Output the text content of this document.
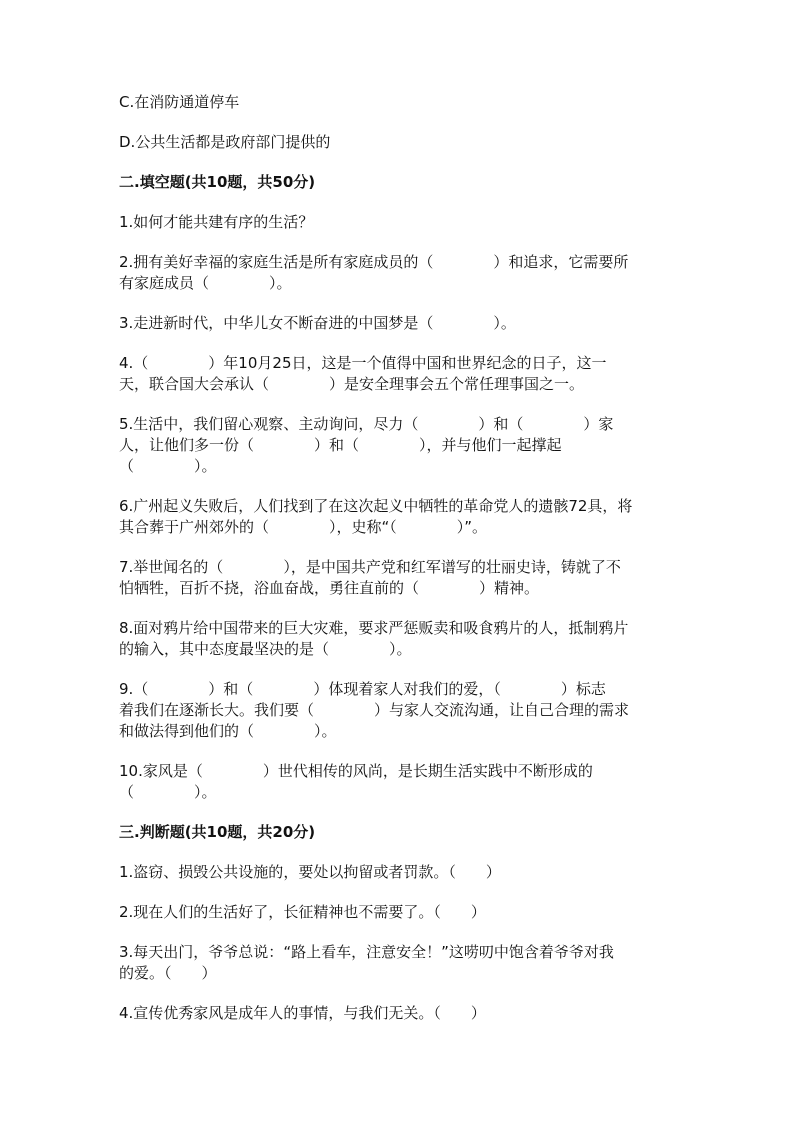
C.在消防通道停车
D.公共生活都是政府部门提供的
二.填空题(共10题，共50分)
1.如何才能共建有序的生活？
2.拥有美好幸福的家庭生活是所有家庭成员的（　　　　）和追求，它需要所
有家庭成员（　　　　）。
3.走进新时代，中华儿女不断奋进的中国梦是（　　　　）。
4.（　　　　）年10月25日，这是一个值得中国和世界纪念的日子，这一
天，联合国大会承认（　　　　）是安全理事会五个常任理事国之一。
5.生活中，我们留心观察、主动询问，尽力（　　　　）和（　　　　）家
人，让他们多一份（　　　　）和（　　　　），并与他们一起撑起
（　　　　）。
6.广州起义失败后，人们找到了在这次起义中牺牲的革命党人的遗骸72具，将
其合葬于广州郊外的（　　　　），史称“（　　　　）”。
7.举世闻名的（　　　　），是中国共产党和红军谱写的壮丽史诗，铸就了不
怕牺牲，百折不挠，浴血奋战，勇往直前的（　　　　）精神。
8.面对鸦片给中国带来的巨大灾难，要求严惩贩卖和吸食鸦片的人，抵制鸦片
的输入，其中态度最坚决的是（　　　　）。
9.（　　　　）和（　　　　）体现着家人对我们的爱，（　　　　）标志
着我们在逐渐长大。我们要（　　　　）与家人交流沟通，让自己合理的需求
和做法得到他们的（　　　　）。
10.家风是（　　　　）世代相传的风尚，是长期生活实践中不断形成的
（　　　　）。
三.判断题(共10题，共20分)
1.盗窃、损毁公共设施的，要处以拘留或者罚款。（　　）
2.现在人们的生活好了，长征精神也不需要了。（　　）
3.每天出门，爷爷总说：“路上看车，注意安全！”这唠叨中饱含着爷爷对我
的爱。（　　）
4.宣传优秀家风是成年人的事情，与我们无关。（　　）
